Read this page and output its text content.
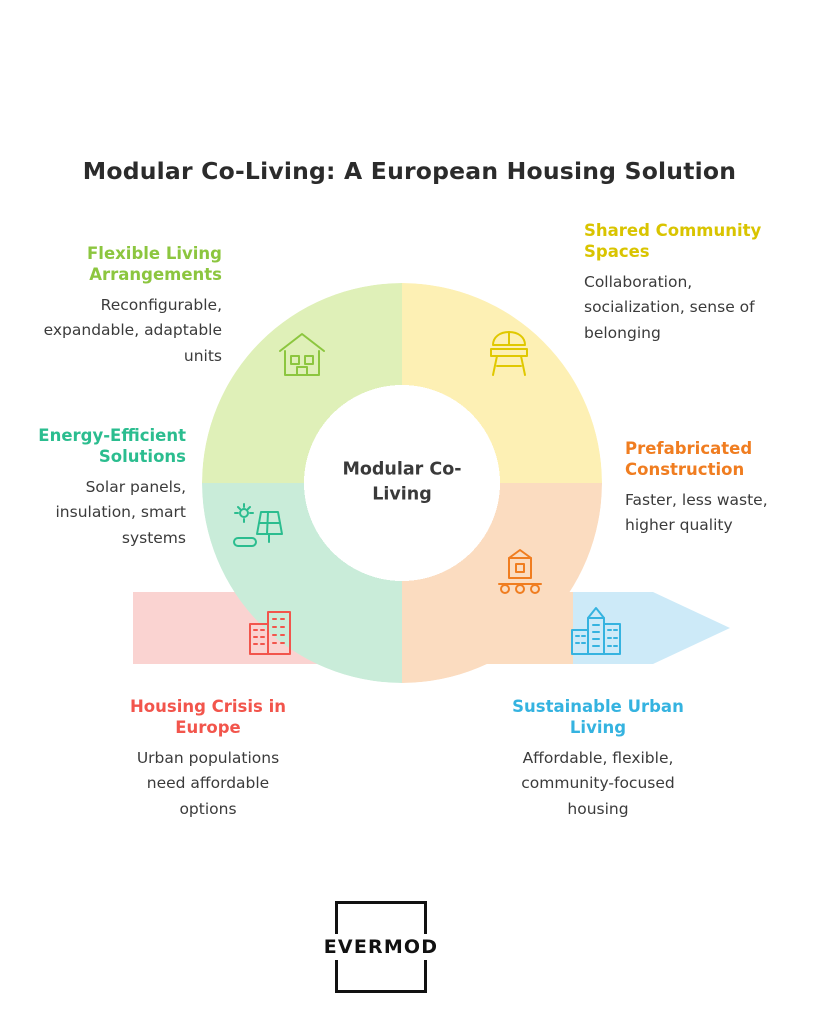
Modular Co-Living: A European Housing Solution
Modular Co-
Living
Flexible Living Arrangements
Reconfigurable, expandable, adaptable units
Energy-Efficient Solutions
Solar panels, insulation, smart systems
Shared Community Spaces
Collaboration, socialization, sense of belonging
Prefabricated Construction
Faster, less waste, higher quality
Housing Crisis in Europe
Urban populations need affordable options
Sustainable Urban Living
Affordable, flexible, community-focused housing
EVERMOD
